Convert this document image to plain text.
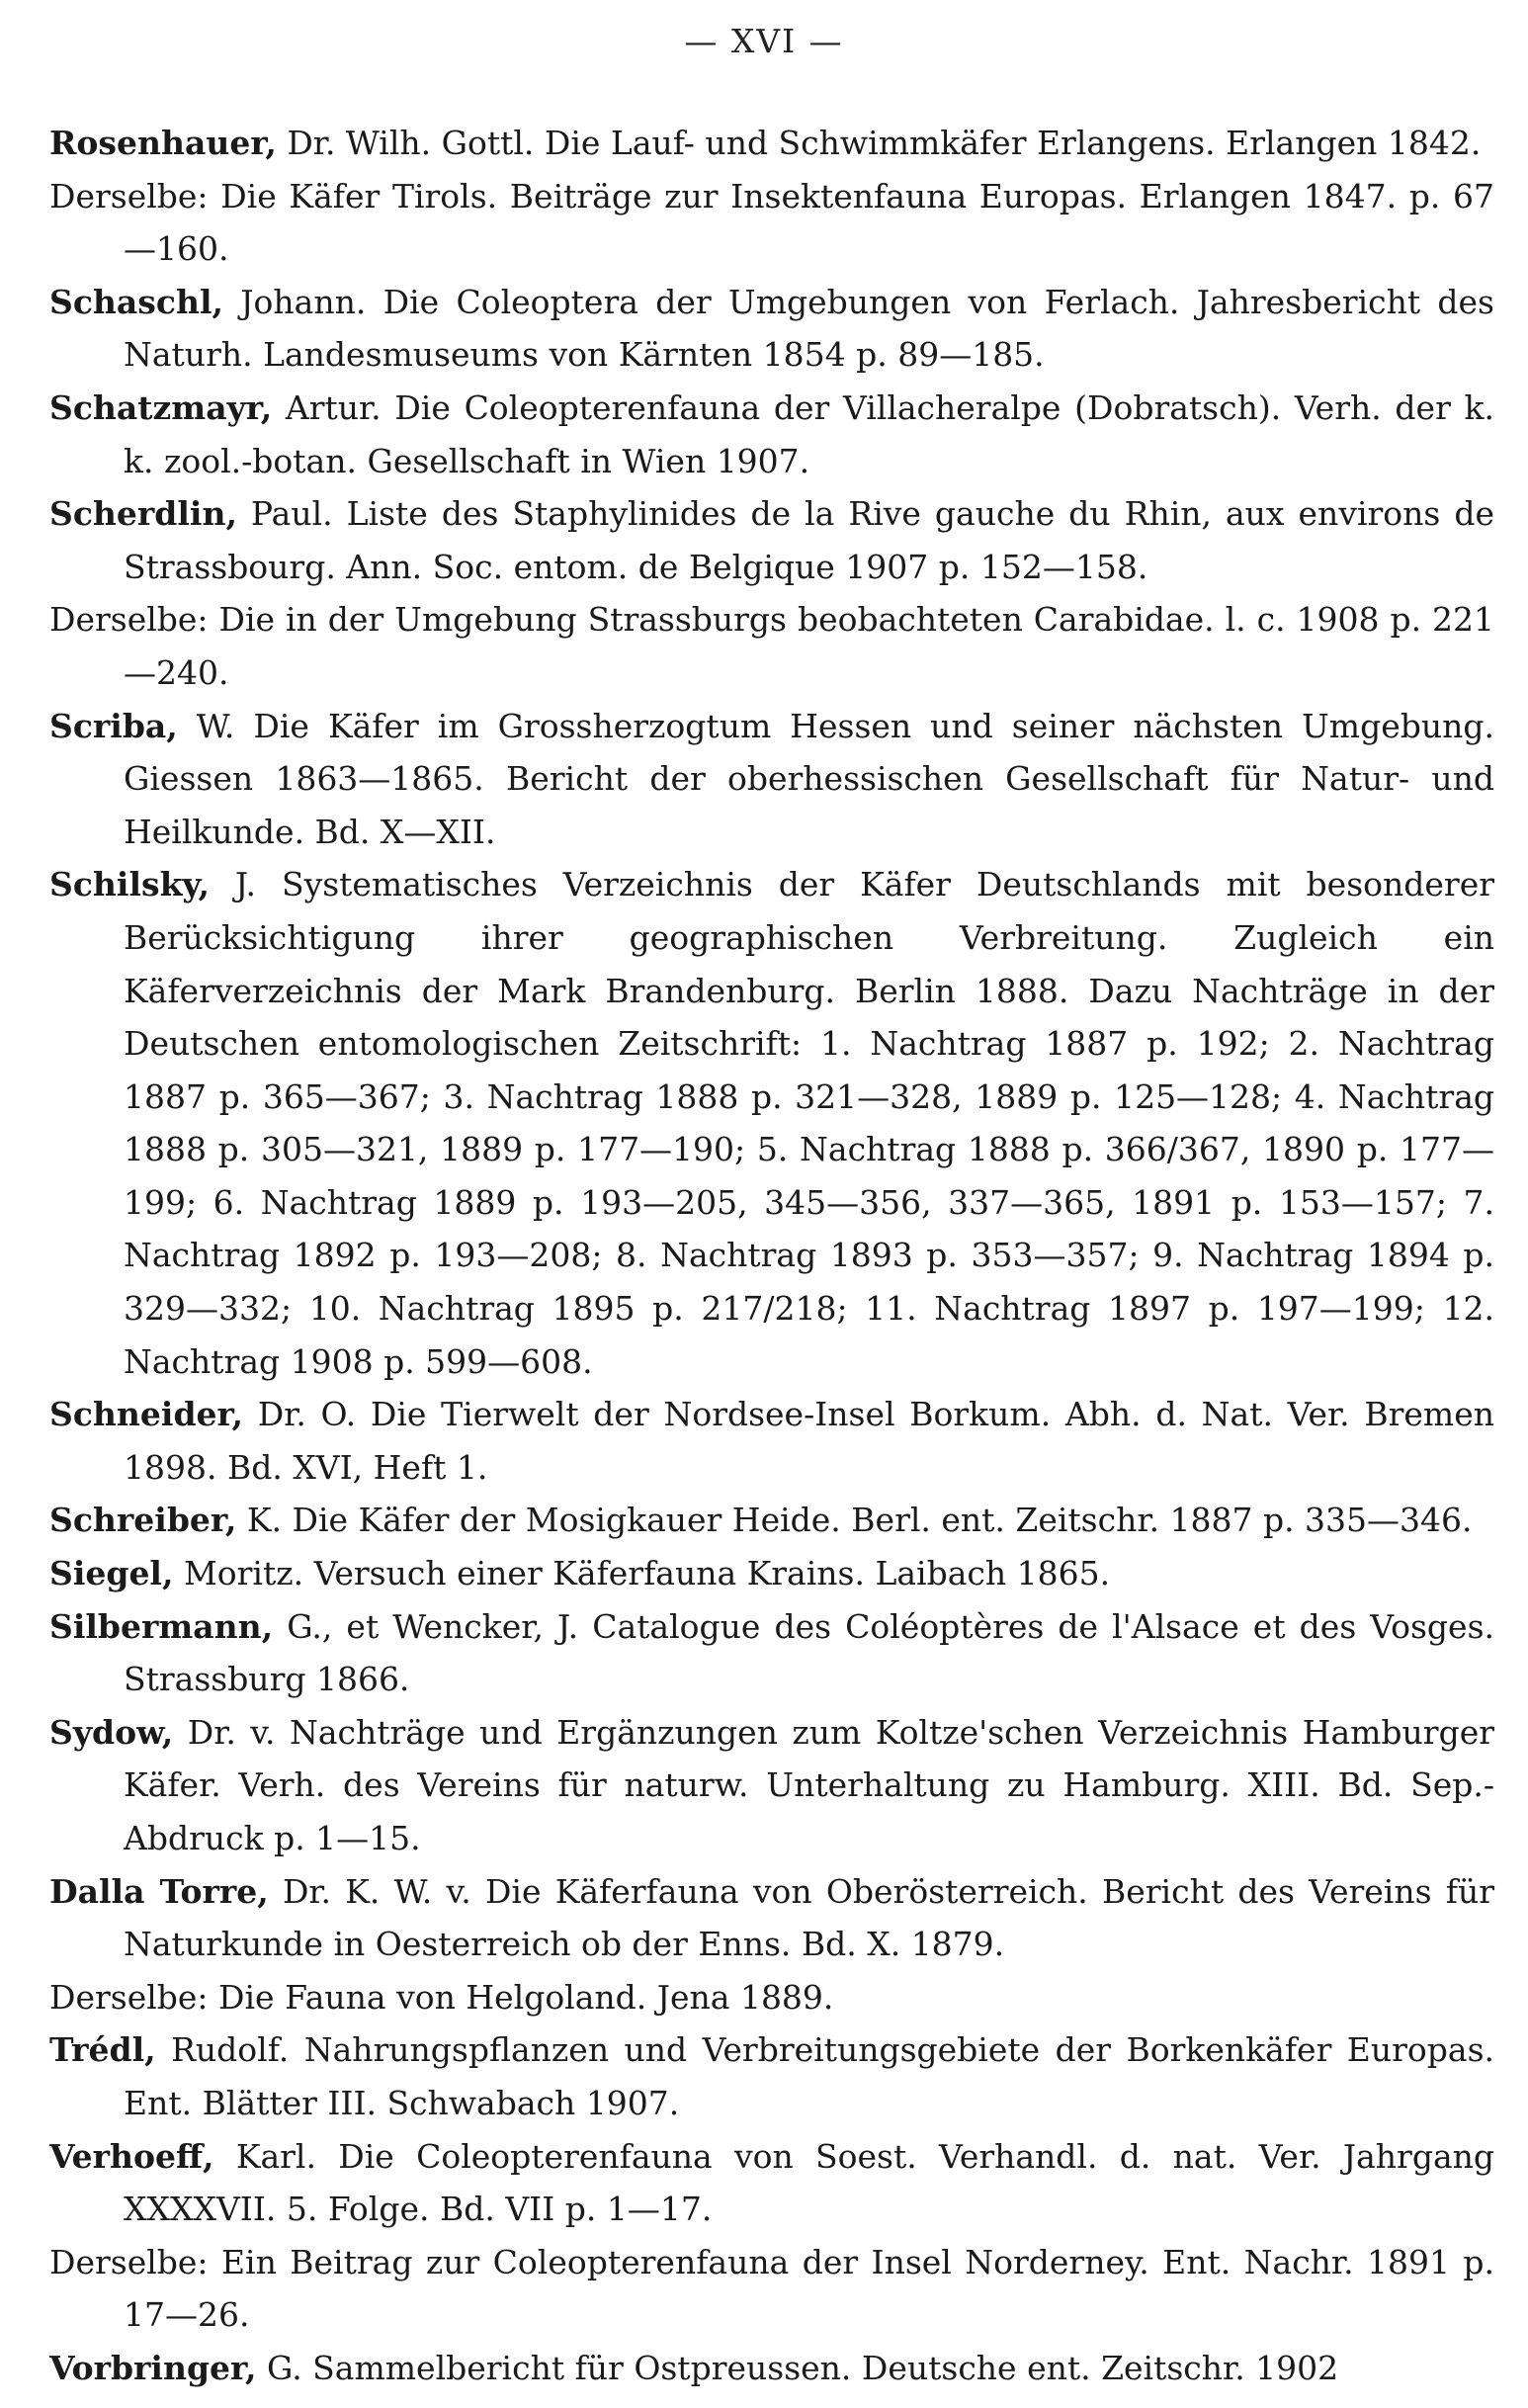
— XVI —

Rosenhauer, Dr. Wilh. Gottl. Die Lauf- und Schwimmkäfer Erlangens. Erlangen 1842.

Derselbe: Die Käfer Tirols. Beiträge zur Insektenfauna Europas. Erlangen 1847. p. 67—160.

Schaschl, Johann. Die Coleoptera der Umgebungen von Ferlach. Jahresbericht des Naturh. Landesmuseums von Kärnten 1854 p. 89—185.

Schatzmayr, Artur. Die Coleopterenfauna der Villacheralpe (Dobratsch). Verh. der k. k. zool.-botan. Gesellschaft in Wien 1907.

Scherdlin, Paul. Liste des Staphylinides de la Rive gauche du Rhin, aux environs de Strassbourg. Ann. Soc. entom. de Belgique 1907 p. 152—158.

Derselbe: Die in der Umgebung Strassburgs beobachteten Carabidae. l. c. 1908 p. 221—240.

Scriba, W. Die Käfer im Grossherzogtum Hessen und seiner nächsten Umgebung. Giessen 1863—1865. Bericht der oberhessischen Gesellschaft für Natur- und Heilkunde. Bd. X—XII.

Schilsky, J. Systematisches Verzeichnis der Käfer Deutschlands mit besonderer Berücksichtigung ihrer geographischen Verbreitung. Zugleich ein Käferverzeichnis der Mark Brandenburg. Berlin 1888. Dazu Nachträge in der Deutschen entomologischen Zeitschrift: 1. Nachtrag 1887 p. 192; 2. Nachtrag 1887 p. 365—367; 3. Nachtrag 1888 p. 321—328, 1889 p. 125—128; 4. Nachtrag 1888 p. 305—321, 1889 p. 177—190; 5. Nachtrag 1888 p. 366/367, 1890 p. 177—199; 6. Nachtrag 1889 p. 193—205, 345—356, 337—365, 1891 p. 153—157; 7. Nachtrag 1892 p. 193—208; 8. Nachtrag 1893 p. 353—357; 9. Nachtrag 1894 p. 329—332; 10. Nachtrag 1895 p. 217/218; 11. Nachtrag 1897 p. 197—199; 12. Nachtrag 1908 p. 599—608.

Schneider, Dr. O. Die Tierwelt der Nordsee-Insel Borkum. Abh. d. Nat. Ver. Bremen 1898. Bd. XVI, Heft 1.

Schreiber, K. Die Käfer der Mosigkauer Heide. Berl. ent. Zeitschr. 1887 p. 335—346.

Siegel, Moritz. Versuch einer Käferfauna Krains. Laibach 1865.

Silbermann, G., et Wencker, J. Catalogue des Coléoptères de l'Alsace et des Vosges. Strassburg 1866.

Sydow, Dr. v. Nachträge und Ergänzungen zum Koltze'schen Verzeichnis Hamburger Käfer. Verh. des Vereins für naturw. Unterhaltung zu Hamburg. XIII. Bd. Sep.-Abdruck p. 1—15.

Dalla Torre, Dr. K. W. v. Die Käferfauna von Oberösterreich. Bericht des Vereins für Naturkunde in Oesterreich ob der Enns. Bd. X. 1879.

Derselbe: Die Fauna von Helgoland. Jena 1889.

Trédl, Rudolf. Nahrungspflanzen und Verbreitungsgebiete der Borkenkäfer Europas. Ent. Blätter III. Schwabach 1907.

Verhoeff, Karl. Die Coleopterenfauna von Soest. Verhandl. d. nat. Ver. Jahrgang XXXXVII. 5. Folge. Bd. VII p. 1—17.

Derselbe: Ein Beitrag zur Coleopterenfauna der Insel Norderney. Ent. Nachr. 1891 p. 17—26.

Vorbringer, G. Sammelbericht für Ostpreussen. Deutsche ent. Zeitschr. 1902
